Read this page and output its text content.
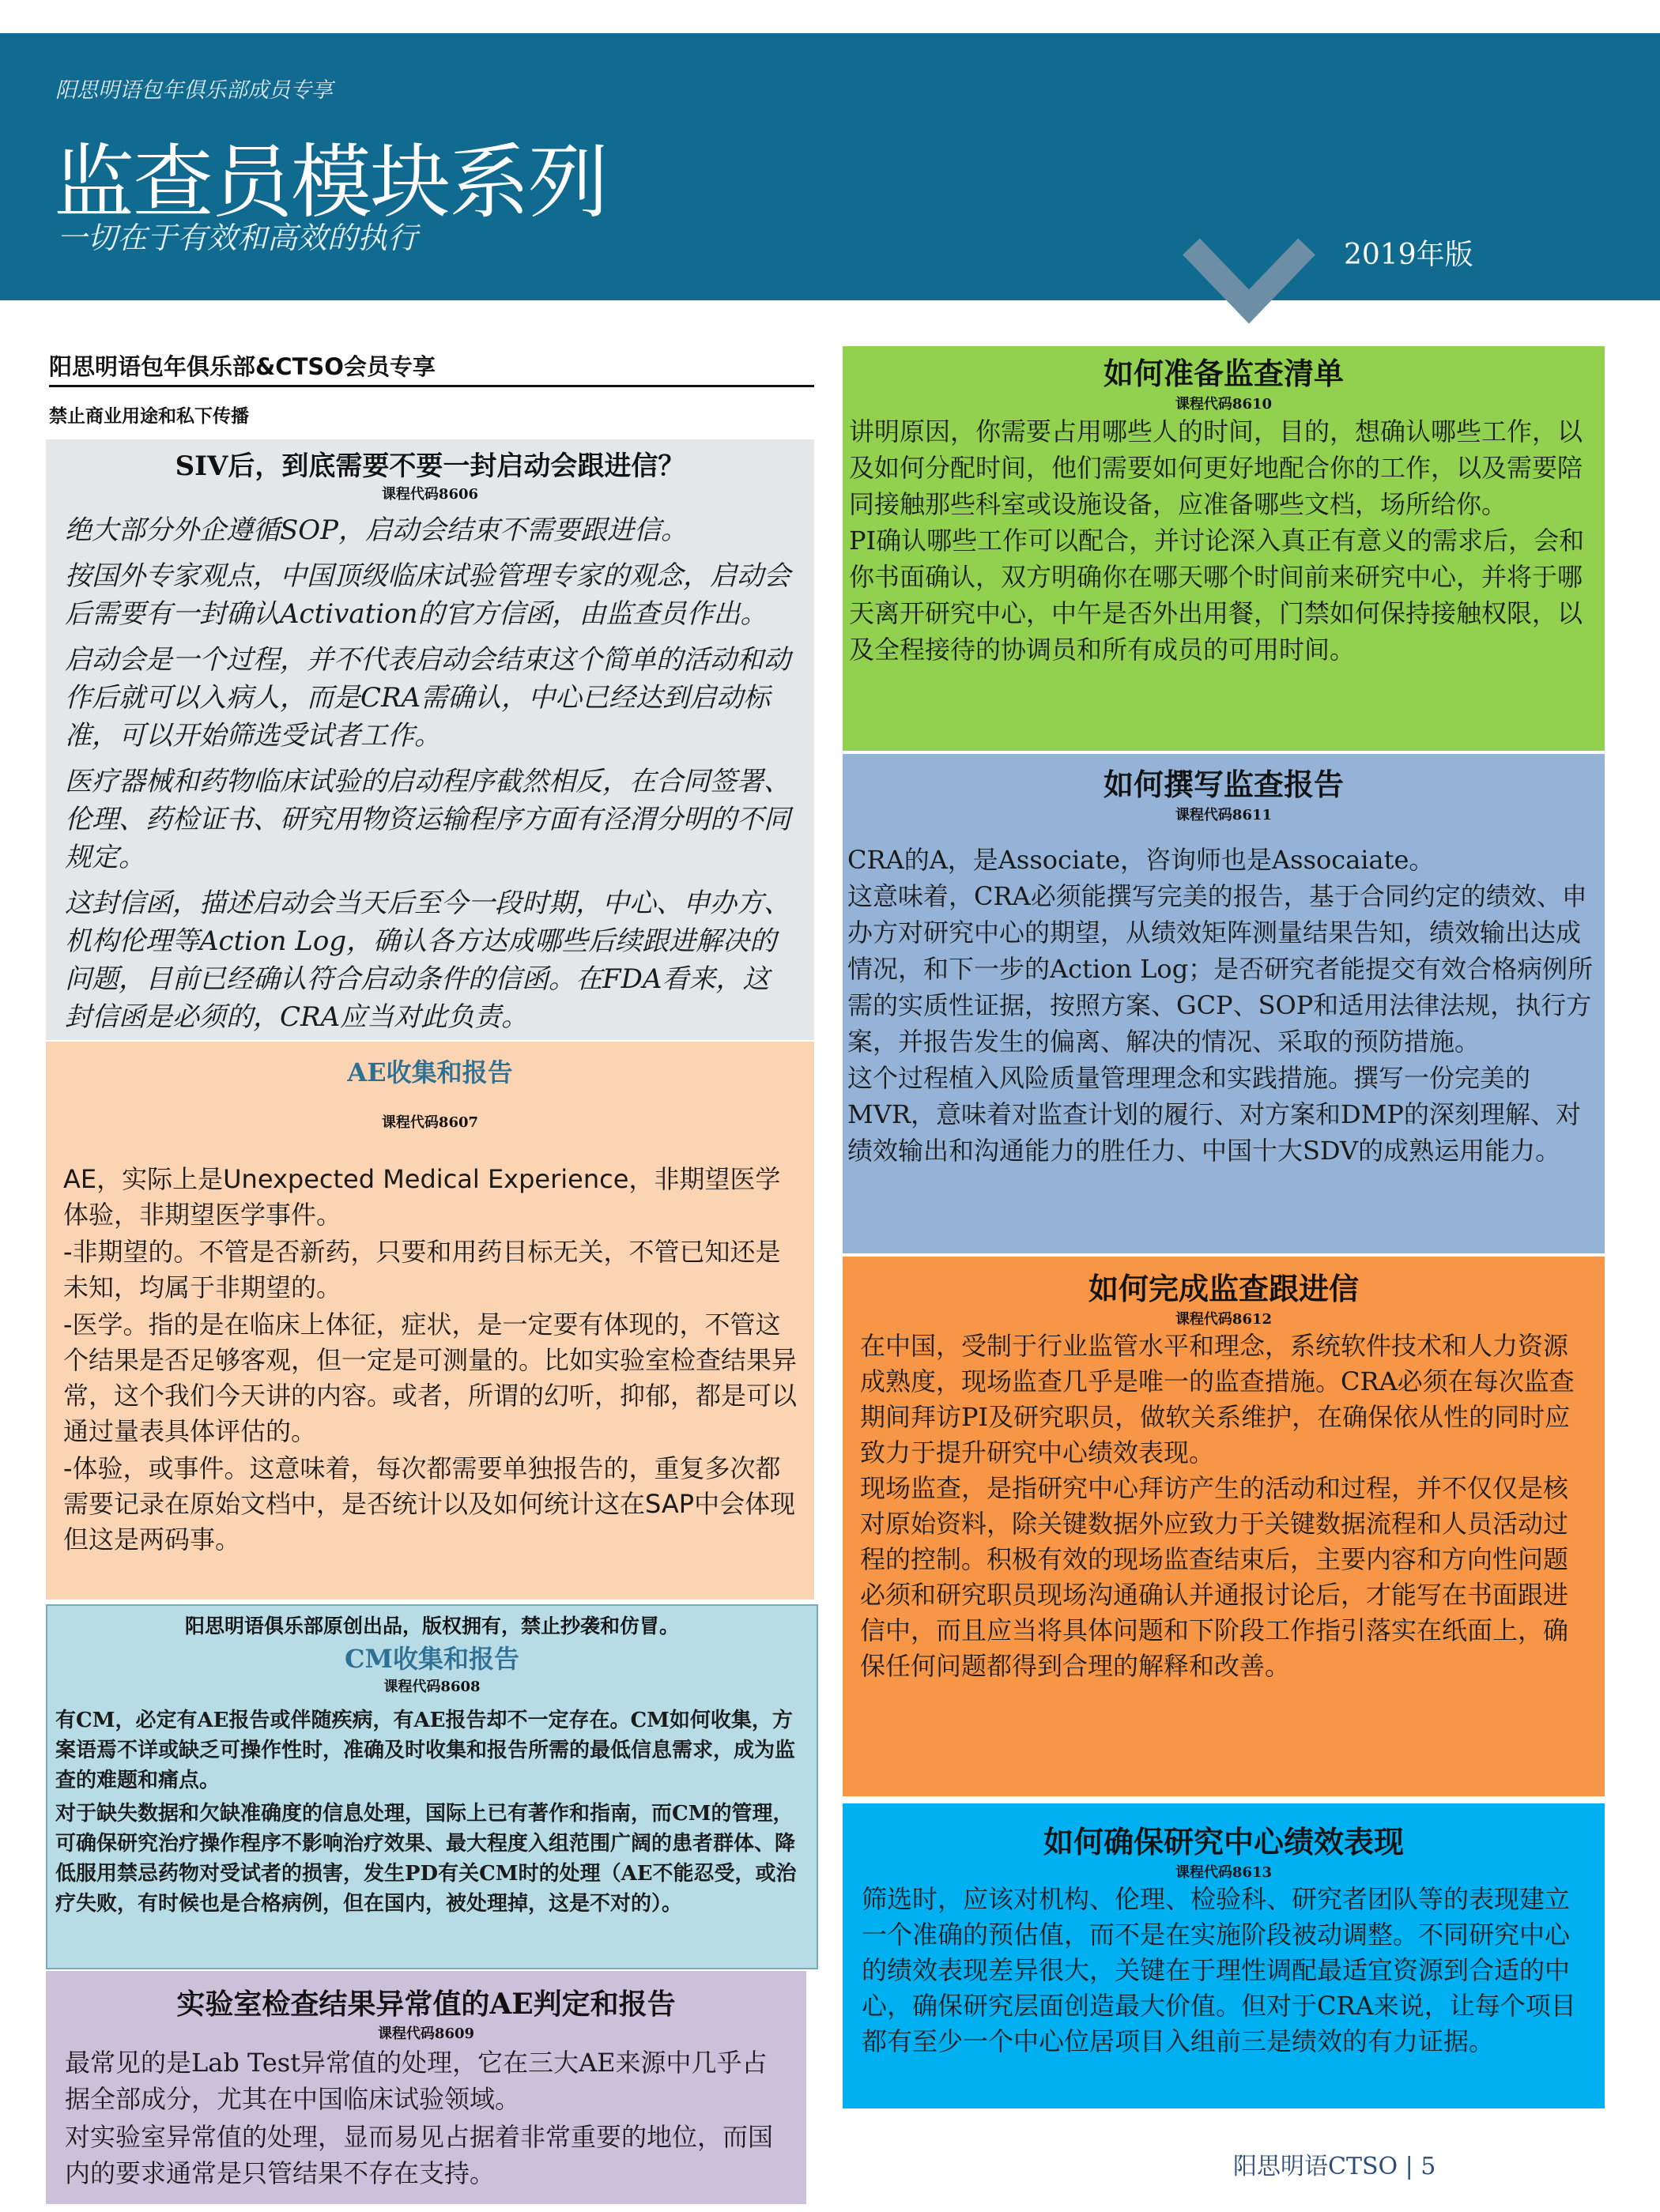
阳思明语包年俱乐部成员专享
监查员模块系列
一切在于有效和高效的执行	2019年版
阳思明语包年俱乐部&CTSO会员专享
禁止商业用途和私下传播
SIV后，到底需要不要一封启动会跟进信？
课程代码8606
绝大部分外企遵循SOP，启动会结束不需要跟进信。
按国外专家观点，中国顶级临床试验管理专家的观念，启动会后需要有一封确认Activation的官方信函，由监查员作出。
启动会是一个过程，并不代表启动会结束这个简单的活动和动作后就可以入病人，而是CRA需确认，中心已经达到启动标准，可以开始筛选受试者工作。
医疗器械和药物临床试验的启动程序截然相反，在合同签署、伦理、药检证书、研究用物资运输程序方面有泾渭分明的不同规定。
这封信函，描述启动会当天后至今一段时期，中心、申办方、机构伦理等Action Log，确认各方达成哪些后续跟进解决的问题，目前已经确认符合启动条件的信函。在FDA看来，这封信函是必须的，CRA应当对此负责。
AE收集和报告
课程代码8607
AE，实际上是Unexpected Medical Experience，非期望医学体验，非期望医学事件。
-非期望的。不管是否新药，只要和用药目标无关，不管已知还是未知，均属于非期望的。
-医学。指的是在临床上体征，症状，是一定要有体现的，不管这个结果是否足够客观，但一定是可测量的。比如实验室检查结果异常，这个我们今天讲的内容。或者，所谓的幻听，抑郁，都是可以通过量表具体评估的。
-体验，或事件。这意味着，每次都需要单独报告的，重复多次都需要记录在原始文档中，是否统计以及如何统计这在SAP中会体现但这是两码事。
阳思明语俱乐部原创出品，版权拥有，禁止抄袭和仿冒。
CM收集和报告
课程代码8608
有CM，必定有AE报告或伴随疾病，有AE报告却不一定存在。CM如何收集，方案语焉不详或缺乏可操作性时，准确及时收集和报告所需的最低信息需求，成为监查的难题和痛点。
对于缺失数据和欠缺准确度的信息处理，国际上已有著作和指南，而CM的管理，可确保研究治疗操作程序不影响治疗效果、最大程度入组范围广阔的患者群体、降低服用禁忌药物对受试者的损害，发生PD有关CM时的处理（AE不能忍受，或治疗失败，有时候也是合格病例，但在国内，被处理掉，这是不对的）。
实验室检查结果异常值的AE判定和报告
课程代码8609
最常见的是Lab Test异常值的处理，它在三大AE来源中几乎占据全部成分，尤其在中国临床试验领域。
对实验室异常值的处理，显而易见占据着非常重要的地位，而国内的要求通常是只管结果不存在支持。
如何准备监查清单
课程代码8610
讲明原因，你需要占用哪些人的时间，目的，想确认哪些工作，以及如何分配时间，他们需要如何更好地配合你的工作，以及需要陪同接触那些科室或设施设备，应准备哪些文档，场所给你。
PI确认哪些工作可以配合，并讨论深入真正有意义的需求后，会和你书面确认，双方明确你在哪天哪个时间前来研究中心，并将于哪天离开研究中心，中午是否外出用餐，门禁如何保持接触权限，以及全程接待的协调员和所有成员的可用时间。
如何撰写监查报告
课程代码8611
CRA的A，是Associate，咨询师也是Assocaiate。
这意味着，CRA必须能撰写完美的报告，基于合同约定的绩效、申办方对研究中心的期望，从绩效矩阵测量结果告知，绩效输出达成情况，和下一步的Action Log；是否研究者能提交有效合格病例所需的实质性证据，按照方案、GCP、SOP和适用法律法规，执行方案，并报告发生的偏离、解决的情况、采取的预防措施。
这个过程植入风险质量管理理念和实践措施。撰写一份完美的MVR，意味着对监查计划的履行、对方案和DMP的深刻理解、对绩效输出和沟通能力的胜任力、中国十大SDV的成熟运用能力。
如何完成监查跟进信
课程代码8612
在中国，受制于行业监管水平和理念，系统软件技术和人力资源成熟度，现场监查几乎是唯一的监查措施。CRA必须在每次监查期间拜访PI及研究职员，做软关系维护，在确保依从性的同时应致力于提升研究中心绩效表现。
现场监查，是指研究中心拜访产生的活动和过程，并不仅仅是核对原始资料，除关键数据外应致力于关键数据流程和人员活动过程的控制。积极有效的现场监查结束后，主要内容和方向性问题必须和研究职员现场沟通确认并通报讨论后，才能写在书面跟进信中，而且应当将具体问题和下阶段工作指引落实在纸面上，确保任何问题都得到合理的解释和改善。
如何确保研究中心绩效表现
课程代码8613
筛选时，应该对机构、伦理、检验科、研究者团队等的表现建立一个准确的预估值，而不是在实施阶段被动调整。不同研究中心的绩效表现差异很大，关键在于理性调配最适宜资源到合适的中心，确保研究层面创造最大价值。但对于CRA来说，让每个项目都有至少一个中心位居项目入组前三是绩效的有力证据。
阳思明语CTSO | 5
